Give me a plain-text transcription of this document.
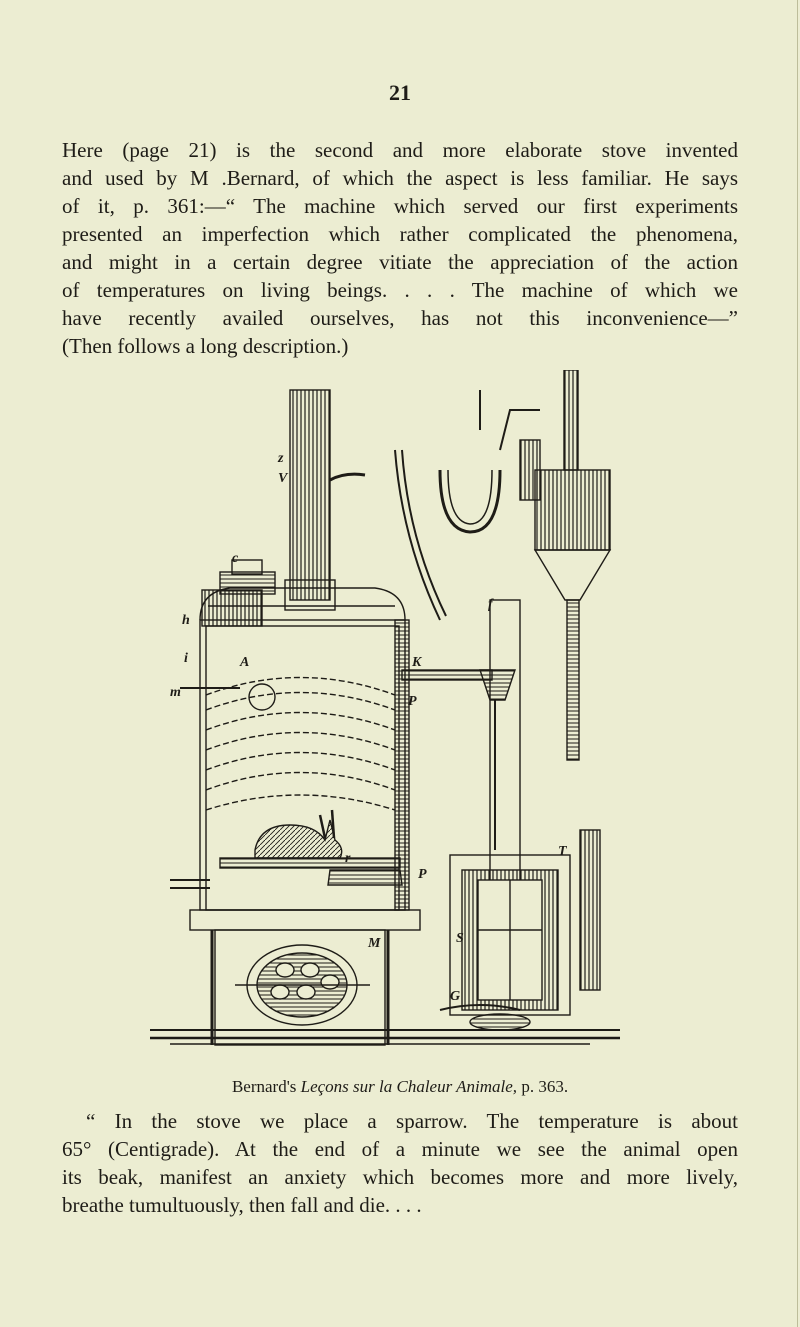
21
Here (page 21) is the second and more elaborate stove invented
and used by M .Bernard, of which the aspect is less familiar. He says
of it, p. 361:—“ The machine which served our first experiments
presented an imperfection which rather complicated the phenomena,
and might in a certain degree vitiate the appreciation of the action
of temperatures on living beings. . . . The machine of which we
have recently availed ourselves, has not this inconvenience—”
(Then follows a long description.)
z
V
c
h
i	A
m
K
P
P
r
S
G
M
T
f
Bernard's Leçons sur la Chaleur Animale, p. 363.
“ In the stove we place a sparrow. The temperature is about
65° (Centigrade). At the end of a minute we see the animal open
its beak, manifest an anxiety which becomes more and more lively,
breathe tumultuously, then fall and die. . . .
